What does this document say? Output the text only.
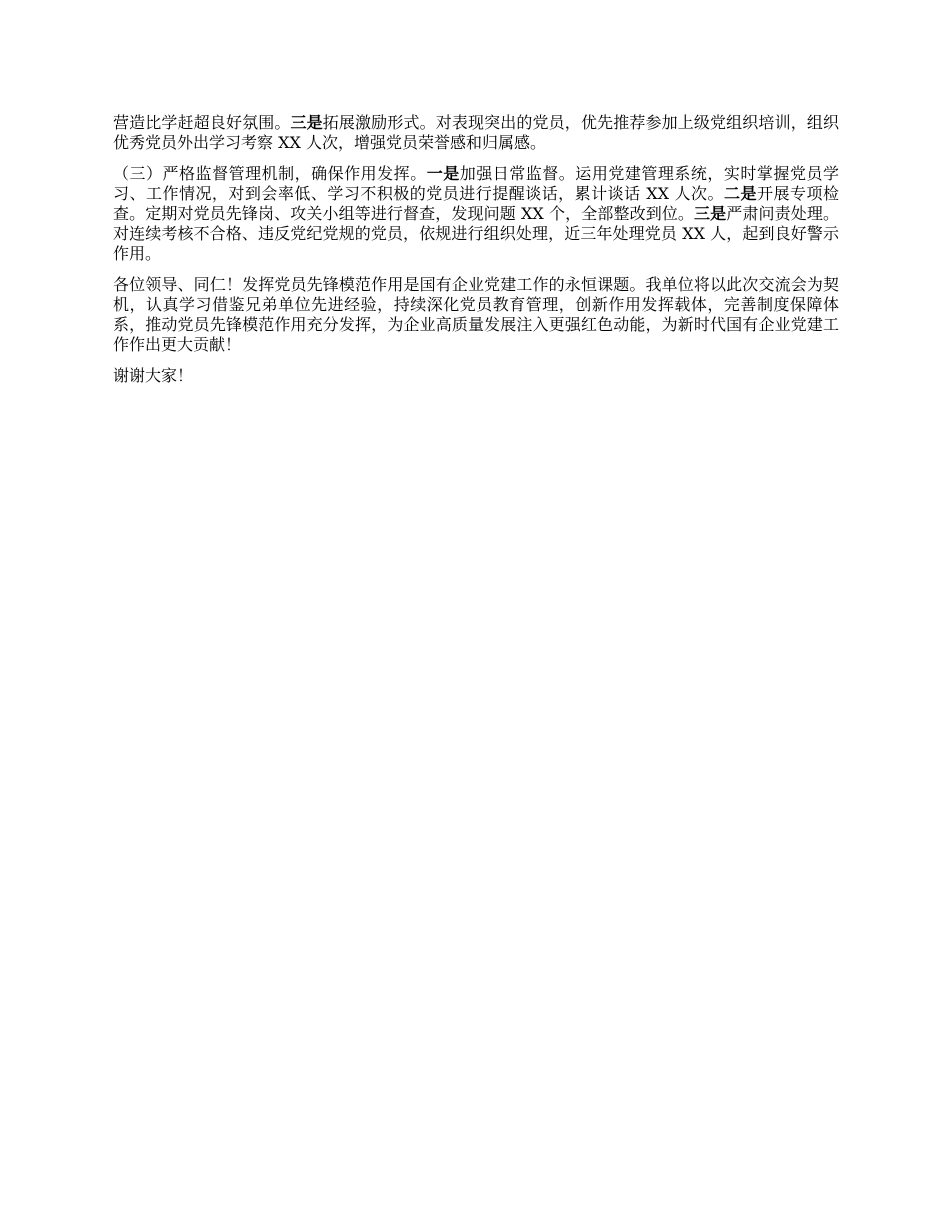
营造比学赶超良好氛围。三是拓展激励形式。对表现突出的党员，优先推荐参加上级党组织培训，组织优秀党员外出学习考察 XX 人次，增强党员荣誉感和归属感。

（三）严格监督管理机制，确保作用发挥。一是加强日常监督。运用党建管理系统，实时掌握党员学习、工作情况，对到会率低、学习不积极的党员进行提醒谈话，累计谈话 XX 人次。二是开展专项检查。定期对党员先锋岗、攻关小组等进行督查，发现问题 XX 个，全部整改到位。三是严肃问责处理。对连续考核不合格、违反党纪党规的党员，依规进行组织处理，近三年处理党员 XX 人，起到良好警示作用。

各位领导、同仁！发挥党员先锋模范作用是国有企业党建工作的永恒课题。我单位将以此次交流会为契机，认真学习借鉴兄弟单位先进经验，持续深化党员教育管理，创新作用发挥载体，完善制度保障体系，推动党员先锋模范作用充分发挥，为企业高质量发展注入更强红色动能，为新时代国有企业党建工作作出更大贡献！

谢谢大家！
